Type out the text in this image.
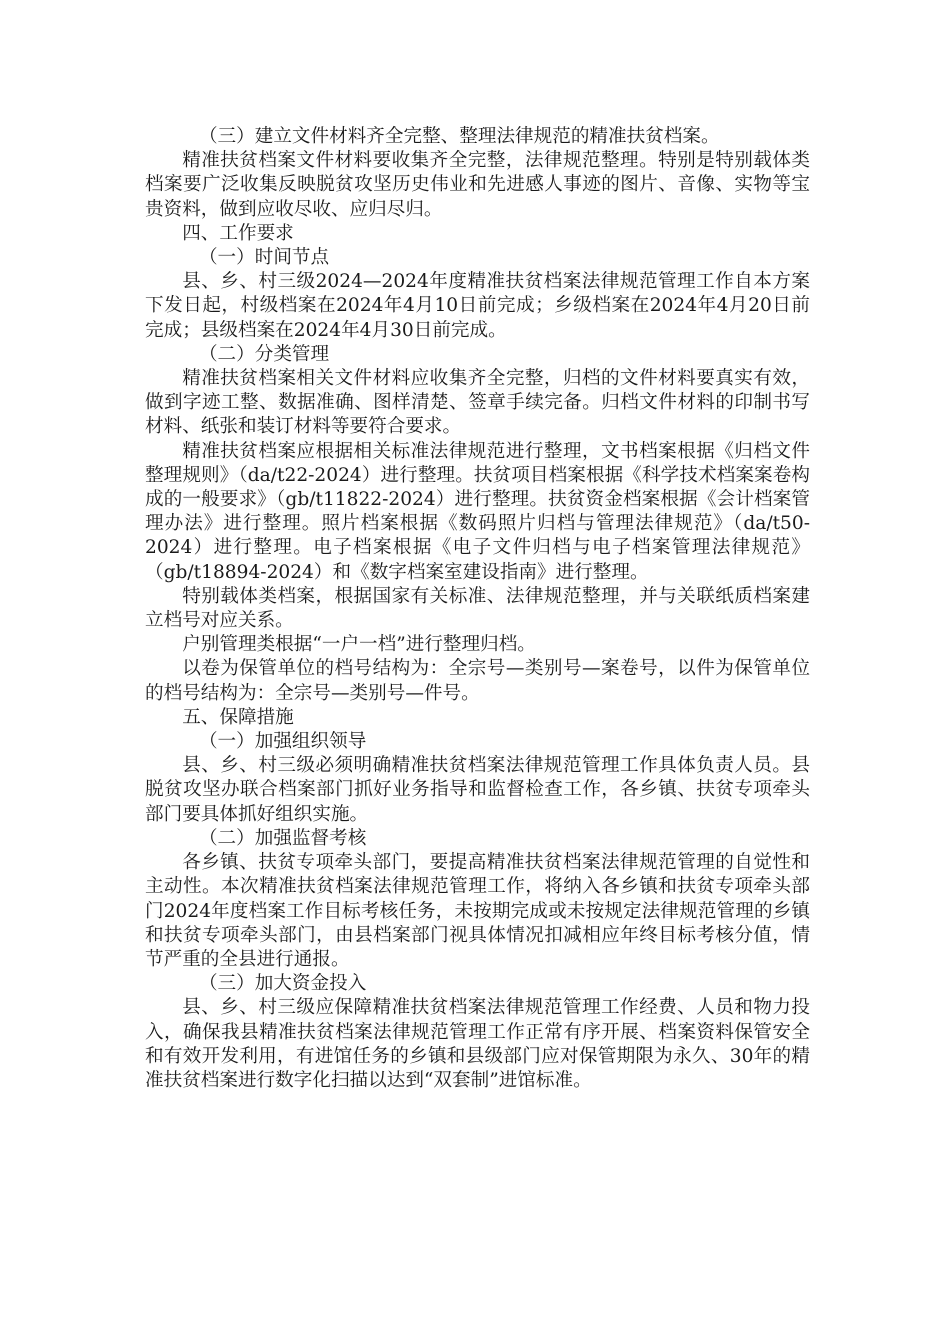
（三）建立文件材料齐全完整、整理法律规范的精准扶贫档案。

精准扶贫档案文件材料要收集齐全完整，法律规范整理。特别是特别载体类档案要广泛收集反映脱贫攻坚历史伟业和先进感人事迹的图片、音像、实物等宝贵资料，做到应收尽收、应归尽归。

四、工作要求

（一）时间节点

县、乡、村三级2024—2024年度精准扶贫档案法律规范管理工作自本方案下发日起，村级档案在2024年4月10日前完成；乡级档案在2024年4月20日前完成；县级档案在2024年4月30日前完成。

（二）分类管理

精准扶贫档案相关文件材料应收集齐全完整，归档的文件材料要真实有效，做到字迹工整、数据准确、图样清楚、签章手续完备。归档文件材料的印制书写材料、纸张和装订材料等要符合要求。

精准扶贫档案应根据相关标准法律规范进行整理，文书档案根据《归档文件整理规则》（da/t22-2024）进行整理。扶贫项目档案根据《科学技术档案案卷构成的一般要求》（gb/t11822-2024）进行整理。扶贫资金档案根据《会计档案管理办法》进行整理。照片档案根据《数码照片归档与管理法律规范》（da/t50-2024）进行整理。电子档案根据《电子文件归档与电子档案管理法律规范》（gb/t18894-2024）和《数字档案室建设指南》进行整理。

特别载体类档案，根据国家有关标准、法律规范整理，并与关联纸质档案建立档号对应关系。

户别管理类根据“一户一档”进行整理归档。

以卷为保管单位的档号结构为：全宗号—类别号—案卷号，以件为保管单位的档号结构为：全宗号—类别号—件号。

五、保障措施

（一）加强组织领导

县、乡、村三级必须明确精准扶贫档案法律规范管理工作具体负责人员。县脱贫攻坚办联合档案部门抓好业务指导和监督检查工作，各乡镇、扶贫专项牵头部门要具体抓好组织实施。

（二）加强监督考核

各乡镇、扶贫专项牵头部门，要提高精准扶贫档案法律规范管理的自觉性和主动性。本次精准扶贫档案法律规范管理工作，将纳入各乡镇和扶贫专项牵头部门2024年度档案工作目标考核任务，未按期完成或未按规定法律规范管理的乡镇和扶贫专项牵头部门，由县档案部门视具体情况扣减相应年终目标考核分值，情节严重的全县进行通报。

（三）加大资金投入

县、乡、村三级应保障精准扶贫档案法律规范管理工作经费、人员和物力投入，确保我县精准扶贫档案法律规范管理工作正常有序开展、档案资料保管安全和有效开发利用，有进馆任务的乡镇和县级部门应对保管期限为永久、30年的精准扶贫档案进行数字化扫描以达到“双套制”进馆标准。
